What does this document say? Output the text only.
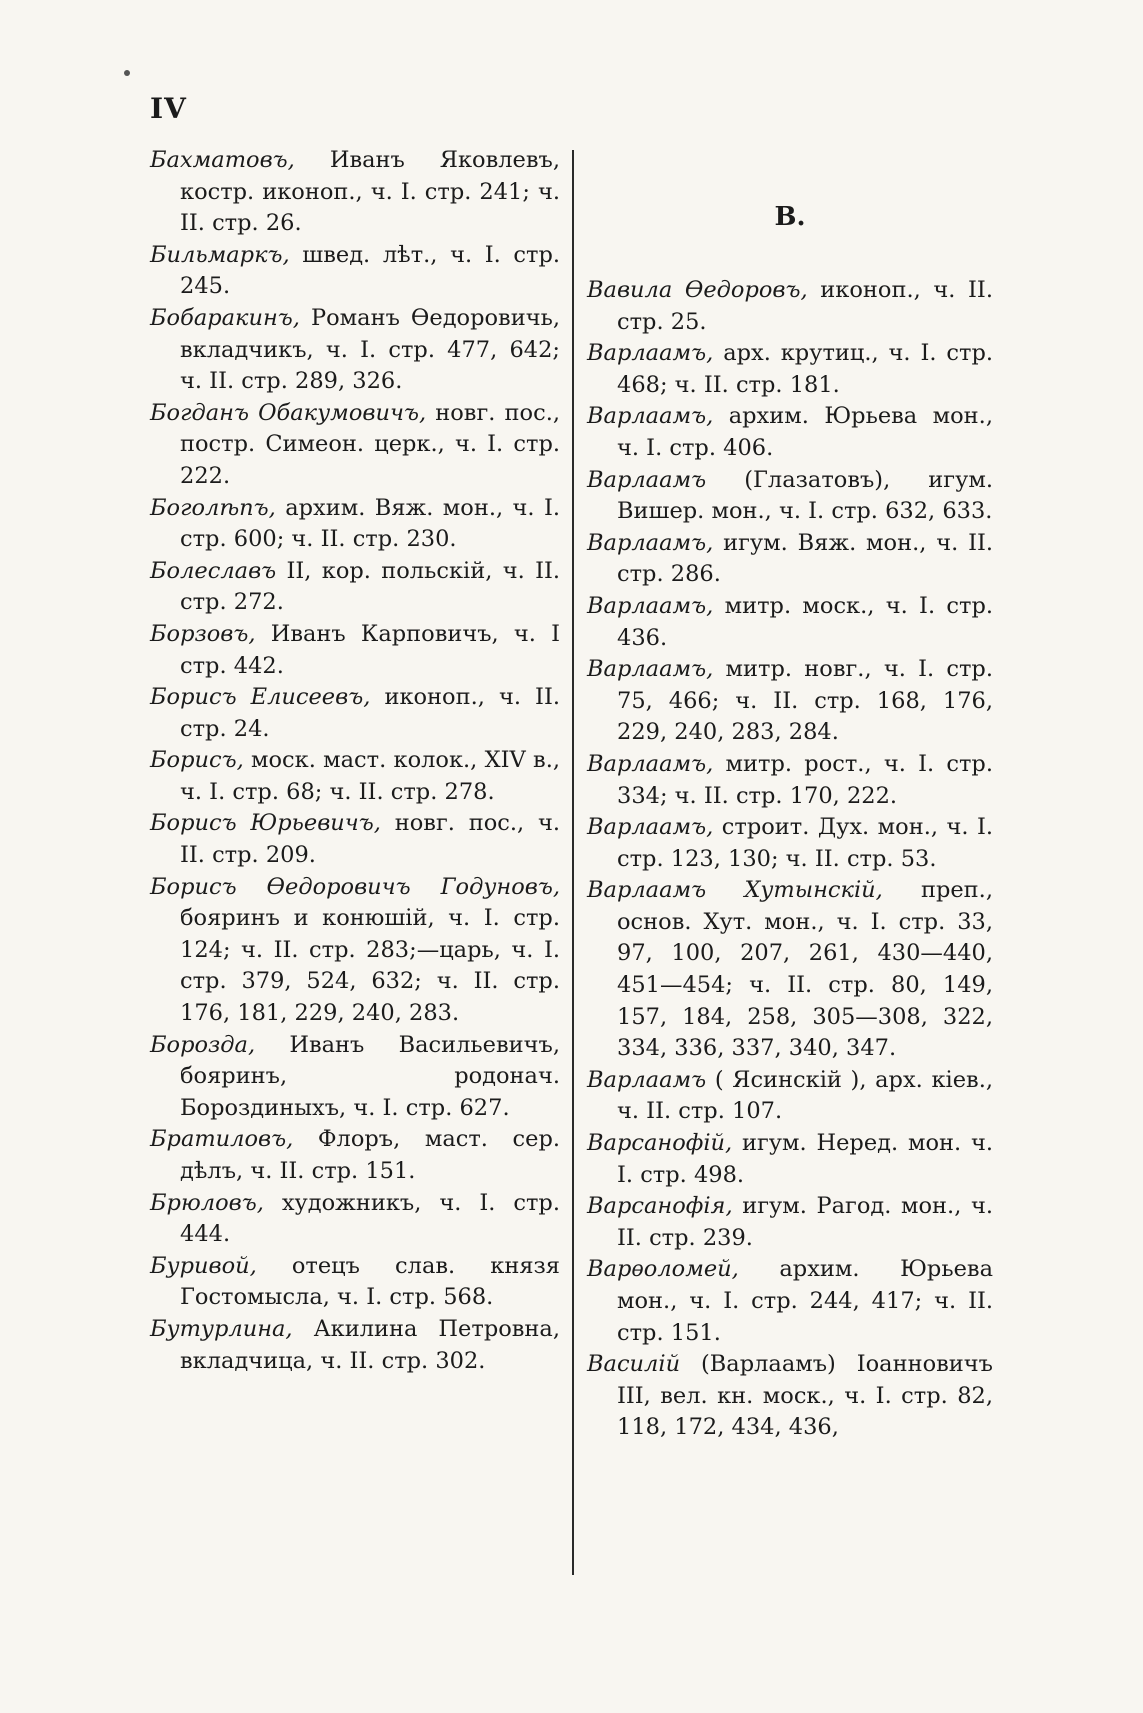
IV

Бахматовъ, Иванъ Яковлевъ, костр. иконоп., ч. I. стр. 241; ч. II. стр. 26.

Бильмаркъ, швед. лѣт., ч. I. стр. 245.

Бобаракинъ, Романъ Өедоровичь, вкладчикъ, ч. I. стр. 477, 642; ч. II. стр. 289, 326.

Богданъ Обакумовичъ, новг. пос., постр. Симеон. церк., ч. I. стр. 222.

Боголѣпъ, архим. Вяж. мон., ч. I. стр. 600; ч. II. стр. 230.

Болеславъ II, кор. польскій, ч. II. стр. 272.

Борзовъ, Иванъ Карповичъ, ч. I стр. 442.

Борисъ Елисеевъ, иконоп., ч. II. стр. 24.

Борисъ, моск. маст. колок., XIV в., ч. I. стр. 68; ч. II. стр. 278.

Борисъ Юрьевичъ, новг. пос., ч. II. стр. 209.

Борисъ Өедоровичъ Годуновъ, бояринъ и конюшій, ч. I. стр. 124; ч. II. стр. 283;—царь, ч. I. стр. 379, 524, 632; ч. II. стр. 176, 181, 229, 240, 283.

Борозда, Иванъ Васильевичъ, бояринъ, родонач. Бороздиныхъ, ч. I. стр. 627.

Братиловъ, Флоръ, маст. сер. дѣлъ, ч. II. стр. 151.

Брюловъ, художникъ, ч. I. стр. 444.

Буривой, отецъ слав. князя Гостомысла, ч. I. стр. 568.

Бутурлина, Акилина Петровна, вкладчица, ч. II. стр. 302.

В.

Вавила Өедоровъ, иконоп., ч. II. стр. 25.

Варлаамъ, арх. крутиц., ч. I. стр. 468; ч. II. стр. 181.

Варлаамъ, архим. Юрьева мон., ч. I. стр. 406.

Варлаамъ (Глазатовъ), игум. Вишер. мон., ч. I. стр. 632, 633.

Варлаамъ, игум. Вяж. мон., ч. II. стр. 286.

Варлаамъ, митр. моск., ч. I. стр. 436.

Варлаамъ, митр. новг., ч. I. стр. 75, 466; ч. II. стр. 168, 176, 229, 240, 283, 284.

Варлаамъ, митр. рост., ч. I. стр. 334; ч. II. стр. 170, 222.

Варлаамъ, строит. Дух. мон., ч. I. стр. 123, 130; ч. II. стр. 53.

Варлаамъ Хутынскій, преп., основ. Хут. мон., ч. I. стр. 33, 97, 100, 207, 261, 430—440, 451—454; ч. II. стр. 80, 149, 157, 184, 258, 305—308, 322, 334, 336, 337, 340, 347.

Варлаамъ ( Ясинскій ), арх. кіев., ч. II. стр. 107.

Варсанофій, игум. Нeред. мон. ч. I. стр. 498.

Варсанофія, игум. Рагод. мон., ч. II. стр. 239.

Варѳоломей, архим. Юрьева мон., ч. I. стр. 244, 417; ч. II. стр. 151.

Василій (Варлаамъ) Іоанновичъ III, вел. кн. моск., ч. I. стр. 82, 118, 172, 434, 436,
